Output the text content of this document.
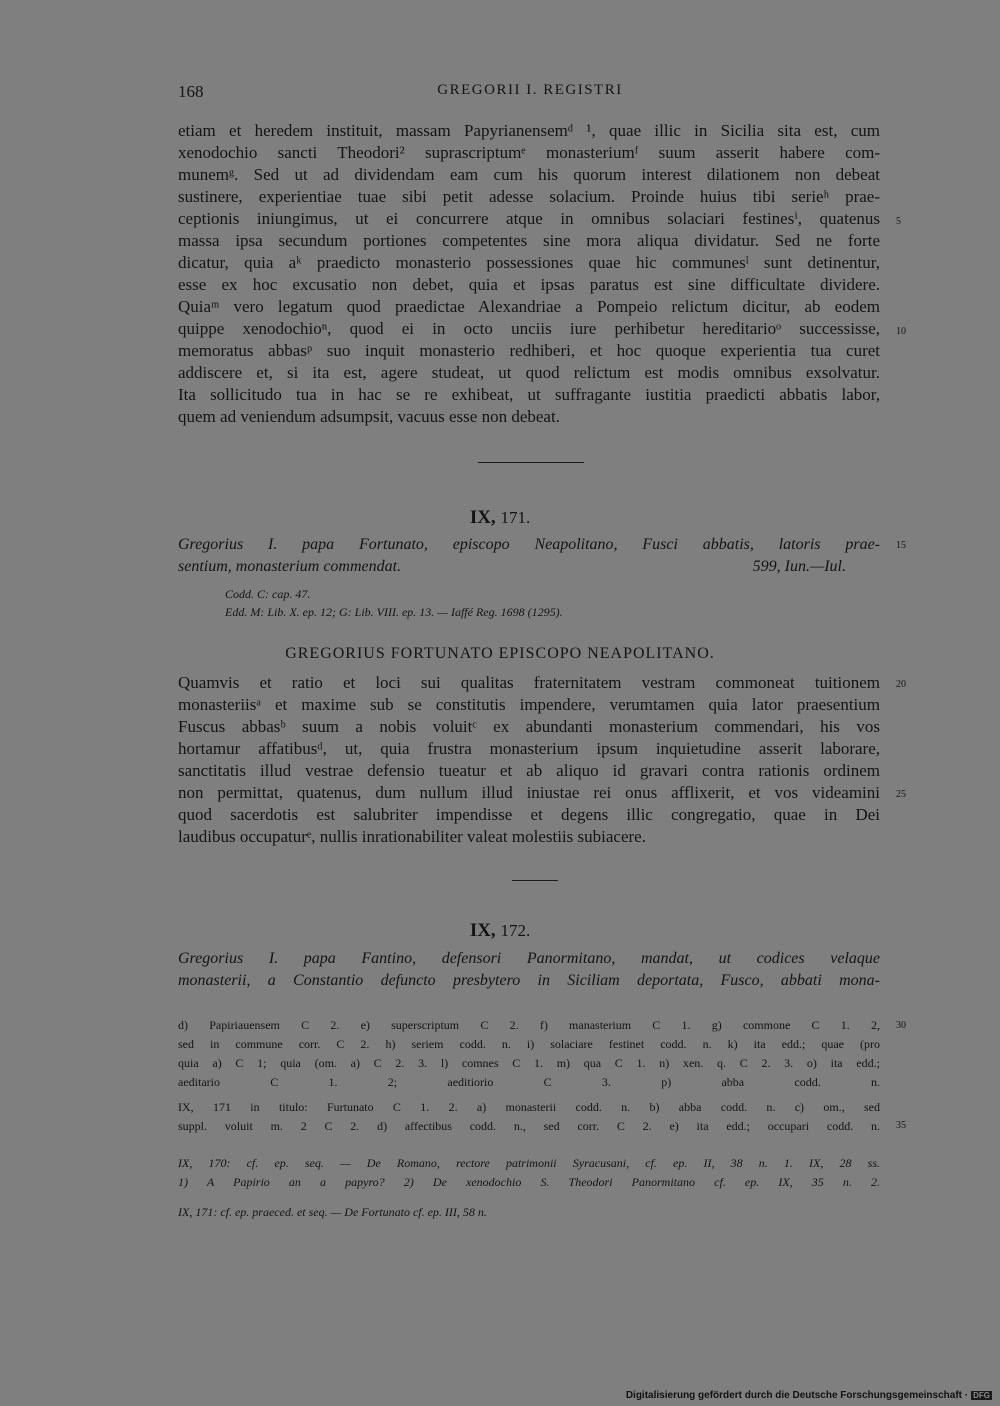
168	GREGORII I. REGISTRI
etiam et heredem instituit, massam Papyrianensemᵈ ¹, quae illic in Sicilia sita est, cum
xenodochio sancti Theodori² suprascriptumᵉ monasteriumᶠ suum asserit habere com-
munemᵍ. Sed ut ad dividendam eam cum his quorum interest dilationem non debeat
sustinere, experientiae tuae sibi petit adesse solacium. Proinde huius tibi serieʰ prae-
ceptionis iniungimus, ut ei concurrere atque in omnibus solaciari festinesⁱ, quatenus
massa ipsa secundum portiones competentes sine mora aliqua dividatur. Sed ne forte
dicatur, quia aᵏ praedicto monasterio possessiones quae hic communesˡ sunt detinentur,
esse ex hoc excusatio non debet, quia et ipsas paratus est sine difficultate dividere.
Quiaᵐ vero legatum quod praedictae Alexandriae a Pompeio relictum dicitur, ab eodem
quippe xenodochioⁿ, quod ei in octo unciis iure perhibetur hereditarioᵒ successisse,
memoratus abbasᵖ suo inquit monasterio redhiberi, et hoc quoque experientia tua curet
addiscere et, si ita est, agere studeat, ut quod relictum est modis omnibus exsolvatur.
Ita sollicitudo tua in hac se re exhibeat, ut suffragante iustitia praedicti abbatis labor,
quem ad veniendum adsumpsit, vacuus esse non debeat.
5
10
IX, 171.
Gregorius I. papa Fortunato, episcopo Neapolitano, Fusci abbatis, latoris prae-
sentium, monasterium commendat.	599, Iun.—Iul.
15
Codd. C: cap. 47.
Edd. M: Lib. X. ep. 12; G: Lib. VIII. ep. 13. — Iaffé Reg. 1698 (1295).
GREGORIUS FORTUNATO EPISCOPO NEAPOLITANO.
Quamvis et ratio et loci sui qualitas fraternitatem vestram commoneat tuitionem
monasteriisᵃ et maxime sub se constitutis impendere, verumtamen quia lator praesentium
Fuscus abbasᵇ suum a nobis voluitᶜ ex abundanti monasterium commendari, his vos
hortamur affatibusᵈ, ut, quia frustra monasterium ipsum inquietudine asserit laborare,
sanctitatis illud vestrae defensio tueatur et ab aliquo id gravari contra rationis ordinem
non permittat, quatenus, dum nullum illud iniustae rei onus afflixerit, et vos videamini
quod sacerdotis est salubriter impendisse et degens illic congregatio, quae in Dei
laudibus occupaturᵉ, nullis inrationabiliter valeat molestiis subiacere.
20
25
IX, 172.
Gregorius I. papa Fantino, defensori Panormitano, mandat, ut codices velaque
monasterii, a Constantio defuncto presbytero in Siciliam deportata, Fusco, abbati mona-
d) Papiriauensem C 2. e) superscriptum C 2. f) manasterium C 1. g) commone C 1. 2,
sed in commune corr. C 2. h) seriem codd. n. i) solaciare festinet codd. n. k) ita edd.; quae (pro
quia a) C 1; quia (om. a) C 2. 3. l) comnes C 1. m) qua C 1. n) xen. q. C 2. 3. o) ita edd.;
aeditario C 1. 2; aeditiorio C 3. p) abba codd. n.
30
IX, 171 in titulo: Furtunato C 1. 2. a) monasterii codd. n. b) abba codd. n. c) om., sed
suppl. voluit m. 2 C 2. d) affectibus codd. n., sed corr. C 2. e) ita edd.; occupari codd. n. 35
IX, 170: cf. ep. seq. — De Romano, rectore patrimonii Syracusani, cf. ep. II, 38 n. 1. IX, 28 ss.
1) A Papirio an a papyro? 2) De xenodochio S. Theodori Panormitano cf. ep. IX, 35 n. 2.
IX, 171: cf. ep. praeced. et seq. — De Fortunato cf. ep. III, 58 n.
Digitalisierung gefördert durch die Deutsche Forschungsgemeinschaft · DFG
